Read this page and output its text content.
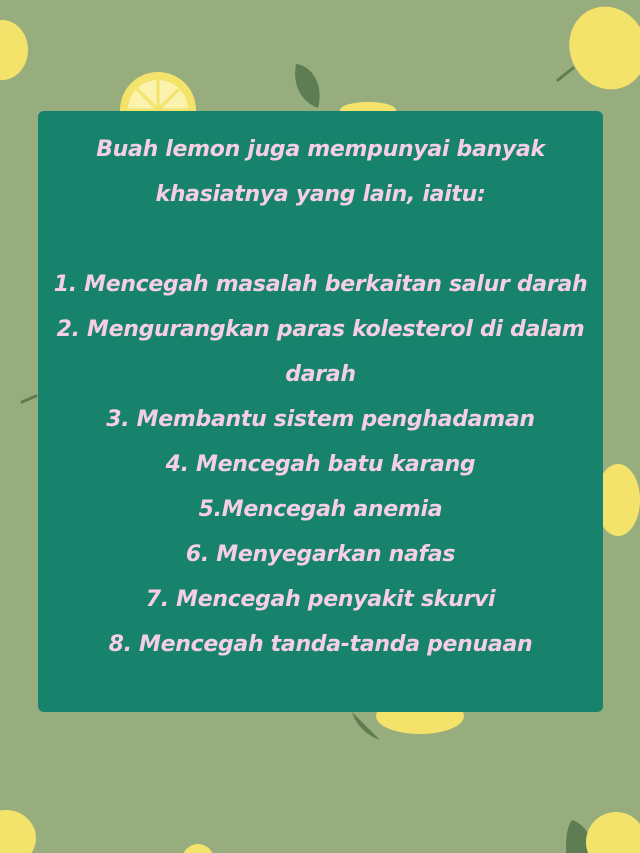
Buah lemon juga mempunyai banyak
khasiatnya yang lain, iaitu:
1. Mencegah masalah berkaitan salur darah
2. Mengurangkan paras kolesterol di dalam darah
3. Membantu sistem penghadaman
4. Mencegah batu karang
5.Mencegah anemia
6. Menyegarkan nafas
7. Mencegah penyakit skurvi
8. Mencegah tanda-tanda penuaan
